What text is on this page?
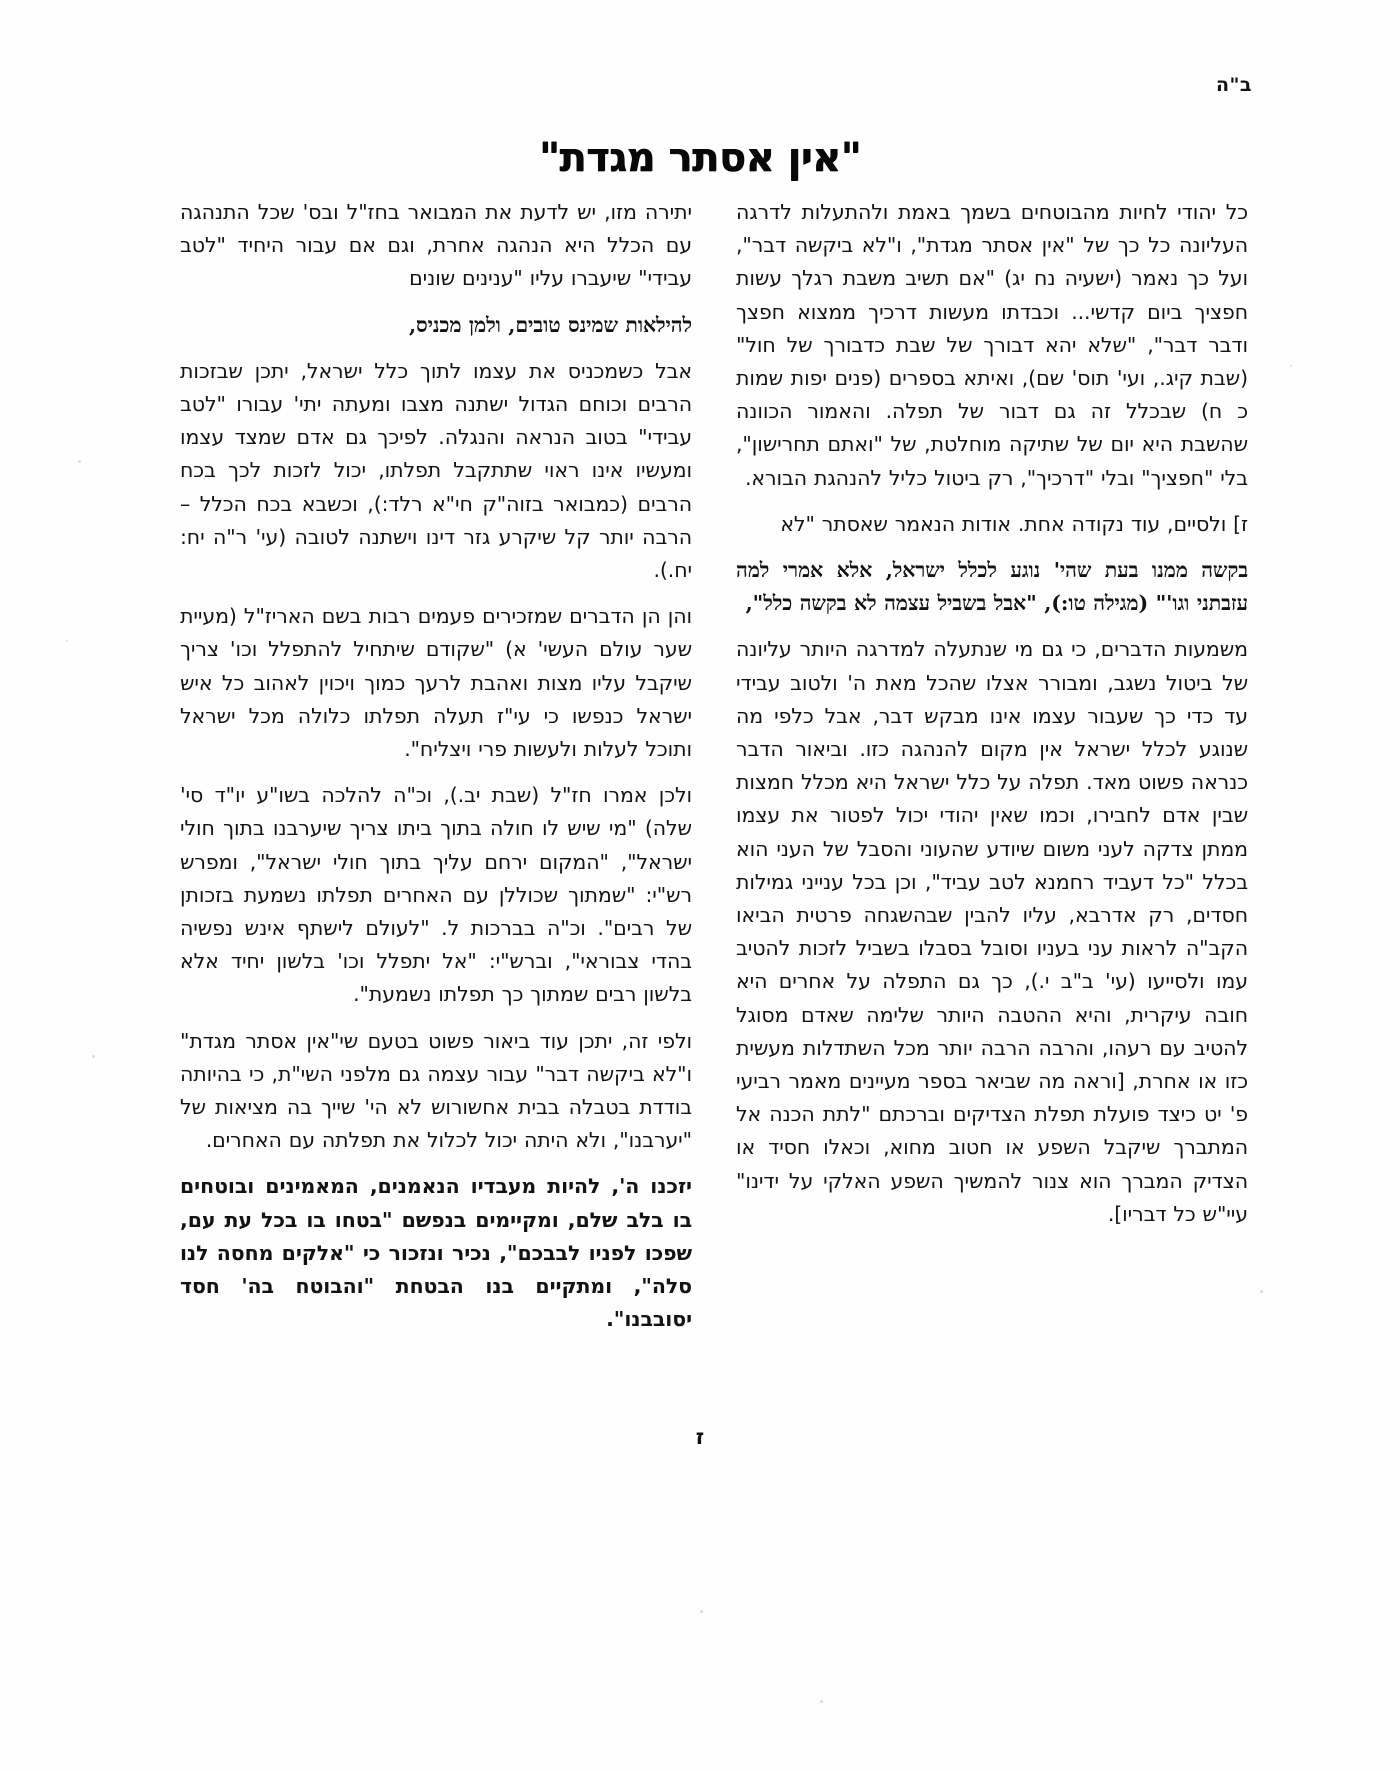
ב"ה
"אין אסתר מגדת"

כל יהודי לחיות מהבוטחים בשמך באמת ולהתעלות לדרגה העליונה כל כך של "אין אסתר מגדת", ו"לא ביקשה דבר", ועל כך נאמר (ישעיה נח יג) "אם תשיב משבת רגלך עשות חפציך ביום קדשי... וכבדתו מעשות דרכיך ממצוא חפצך ודבר דבר", "שלא יהא דבורך של שבת כדבורך של חול" (שבת קיג., ועי' תוס' שם), ואיתא בספרים (פנים יפות שמות כ ח) שבכלל זה גם דבור של תפלה. והאמור הכוונה שהשבת היא יום של שתיקה מוחלטת, של "ואתם תחרישון", בלי "חפציך" ובלי "דרכיך", רק ביטול כליל להנהגת הבורא.

ז] ולסיים, עוד נקודה אחת. אודות הנאמר שאסתר "לא

בקשה ממנו בעת שהי' נוגע לכלל ישראל, אלא אמרי למה עזבתני וגו'" (מגילה טו:), "אבל בשביל עצמה לא בקשה כלל",

משמעות הדברים, כי גם מי שנתעלה למדרגה היותר עליונה של ביטול נשגב, ומבורר אצלו שהכל מאת ה' ולטוב עבידי עד כדי כך שעבור עצמו אינו מבקש דבר, אבל כלפי מה שנוגע לכלל ישראל אין מקום להנהגה כזו. וביאור הדבר כנראה פשוט מאד. תפלה על כלל ישראל היא מכלל חמצות שבין אדם לחבירו, וכמו שאין יהודי יכול לפטור את עצמו ממתן צדקה לעני משום שיודע שהעוני והסבל של העני הוא בכלל "כל דעביד רחמנא לטב עביד", וכן בכל ענייני גמילות חסדים, רק אדרבא, עליו להבין שבהשגחה פרטית הביאו הקב"ה לראות עני בעניו וסובל בסבלו בשביל לזכות להטיב עמו ולסייעו (עי' ב"ב י.), כך גם התפלה על אחרים היא חובה עיקרית, והיא ההטבה היותר שלימה שאדם מסוגל להטיב עם רעהו, והרבה הרבה יותר מכל השתדלות מעשית כזו או אחרת, [וראה מה שביאר בספר מעיינים מאמר רביעי פ' יט כיצד פועלת תפלת הצדיקים וברכתם "לתת הכנה אל המתברך שיקבל השפע או חטוב מחוא, וכאלו חסיד או הצדיק המברך הוא צנור להמשיך השפע האלקי על ידינו" עיי"ש כל דבריו].

יתירה מזו, יש לדעת את המבואר בחז"ל ובס' שכל התנהגה עם הכלל היא הנהגה אחרת, וגם אם עבור היחיד "לטב עבידי" שיעברו עליו "ענינים שונים

להילאות שמינס טובים, ולמן מכניס,

אבל כשמכניס את עצמו לתוך כלל ישראל, יתכן שבזכות הרבים וכוחם הגדול ישתנה מצבו ומעתה יתי' עבורו "לטב עבידי" בטוב הנראה והנגלה. לפיכך גם אדם שמצד עצמו ומעשיו אינו ראוי שתתקבל תפלתו, יכול לזכות לכך בכח הרבים (כמבואר בזוה"ק חי"א רלד:), וכשבא בכח הכלל – הרבה יותר קל שיקרע גזר דינו וישתנה לטובה (עי' ר"ה יח: יח.).

והן הן הדברים שמזכירים פעמים רבות בשם האריז"ל (מעיית שער עולם העשי' א) "שקודם שיתחיל להתפלל וכו' צריך שיקבל עליו מצות ואהבת לרעך כמוך ויכוין לאהוב כל איש ישראל כנפשו כי עי"ז תעלה תפלתו כלולה מכל ישראל ותוכל לעלות ולעשות פרי ויצליח".

ולכן אמרו חז"ל (שבת יב.), וכ"ה להלכה בשו"ע יו"ד סי' שלה) "מי שיש לו חולה בתוך ביתו צריך שיערבנו בתוך חולי ישראל", "המקום ירחם עליך בתוך חולי ישראל", ומפרש רש"י: "שמתוך שכוללן עם האחרים תפלתו נשמעת בזכותן של רבים". וכ"ה בברכות ל. "לעולם לישתף אינש נפשיה בהדי צבוראי", וברש"י: "אל יתפלל וכו' בלשון יחיד אלא בלשון רבים שמתוך כך תפלתו נשמעת".

ולפי זה, יתכן עוד ביאור פשוט בטעם שי"אין אסתר מגדת" ו"לא ביקשה דבר" עבור עצמה גם מלפני השי"ת, כי בהיותה בודדת בטבלה בבית אחשורוש לא הי' שייך בה מציאות של "יערבנו", ולא היתה יכול לכלול את תפלתה עם האחרים.

יזכנו ה', להיות מעבדיו הנאמנים, המאמינים ובוטחים בו בלב שלם, ומקיימים בנפשם "בטחו בו בכל עת עם, שפכו לפניו לבבכם", נכיר ונזכור כי "אלקים מחסה לנו סלה", ומתקיים בנו הבטחת "והבוטח בה' חסד יסובבנו".

ז
